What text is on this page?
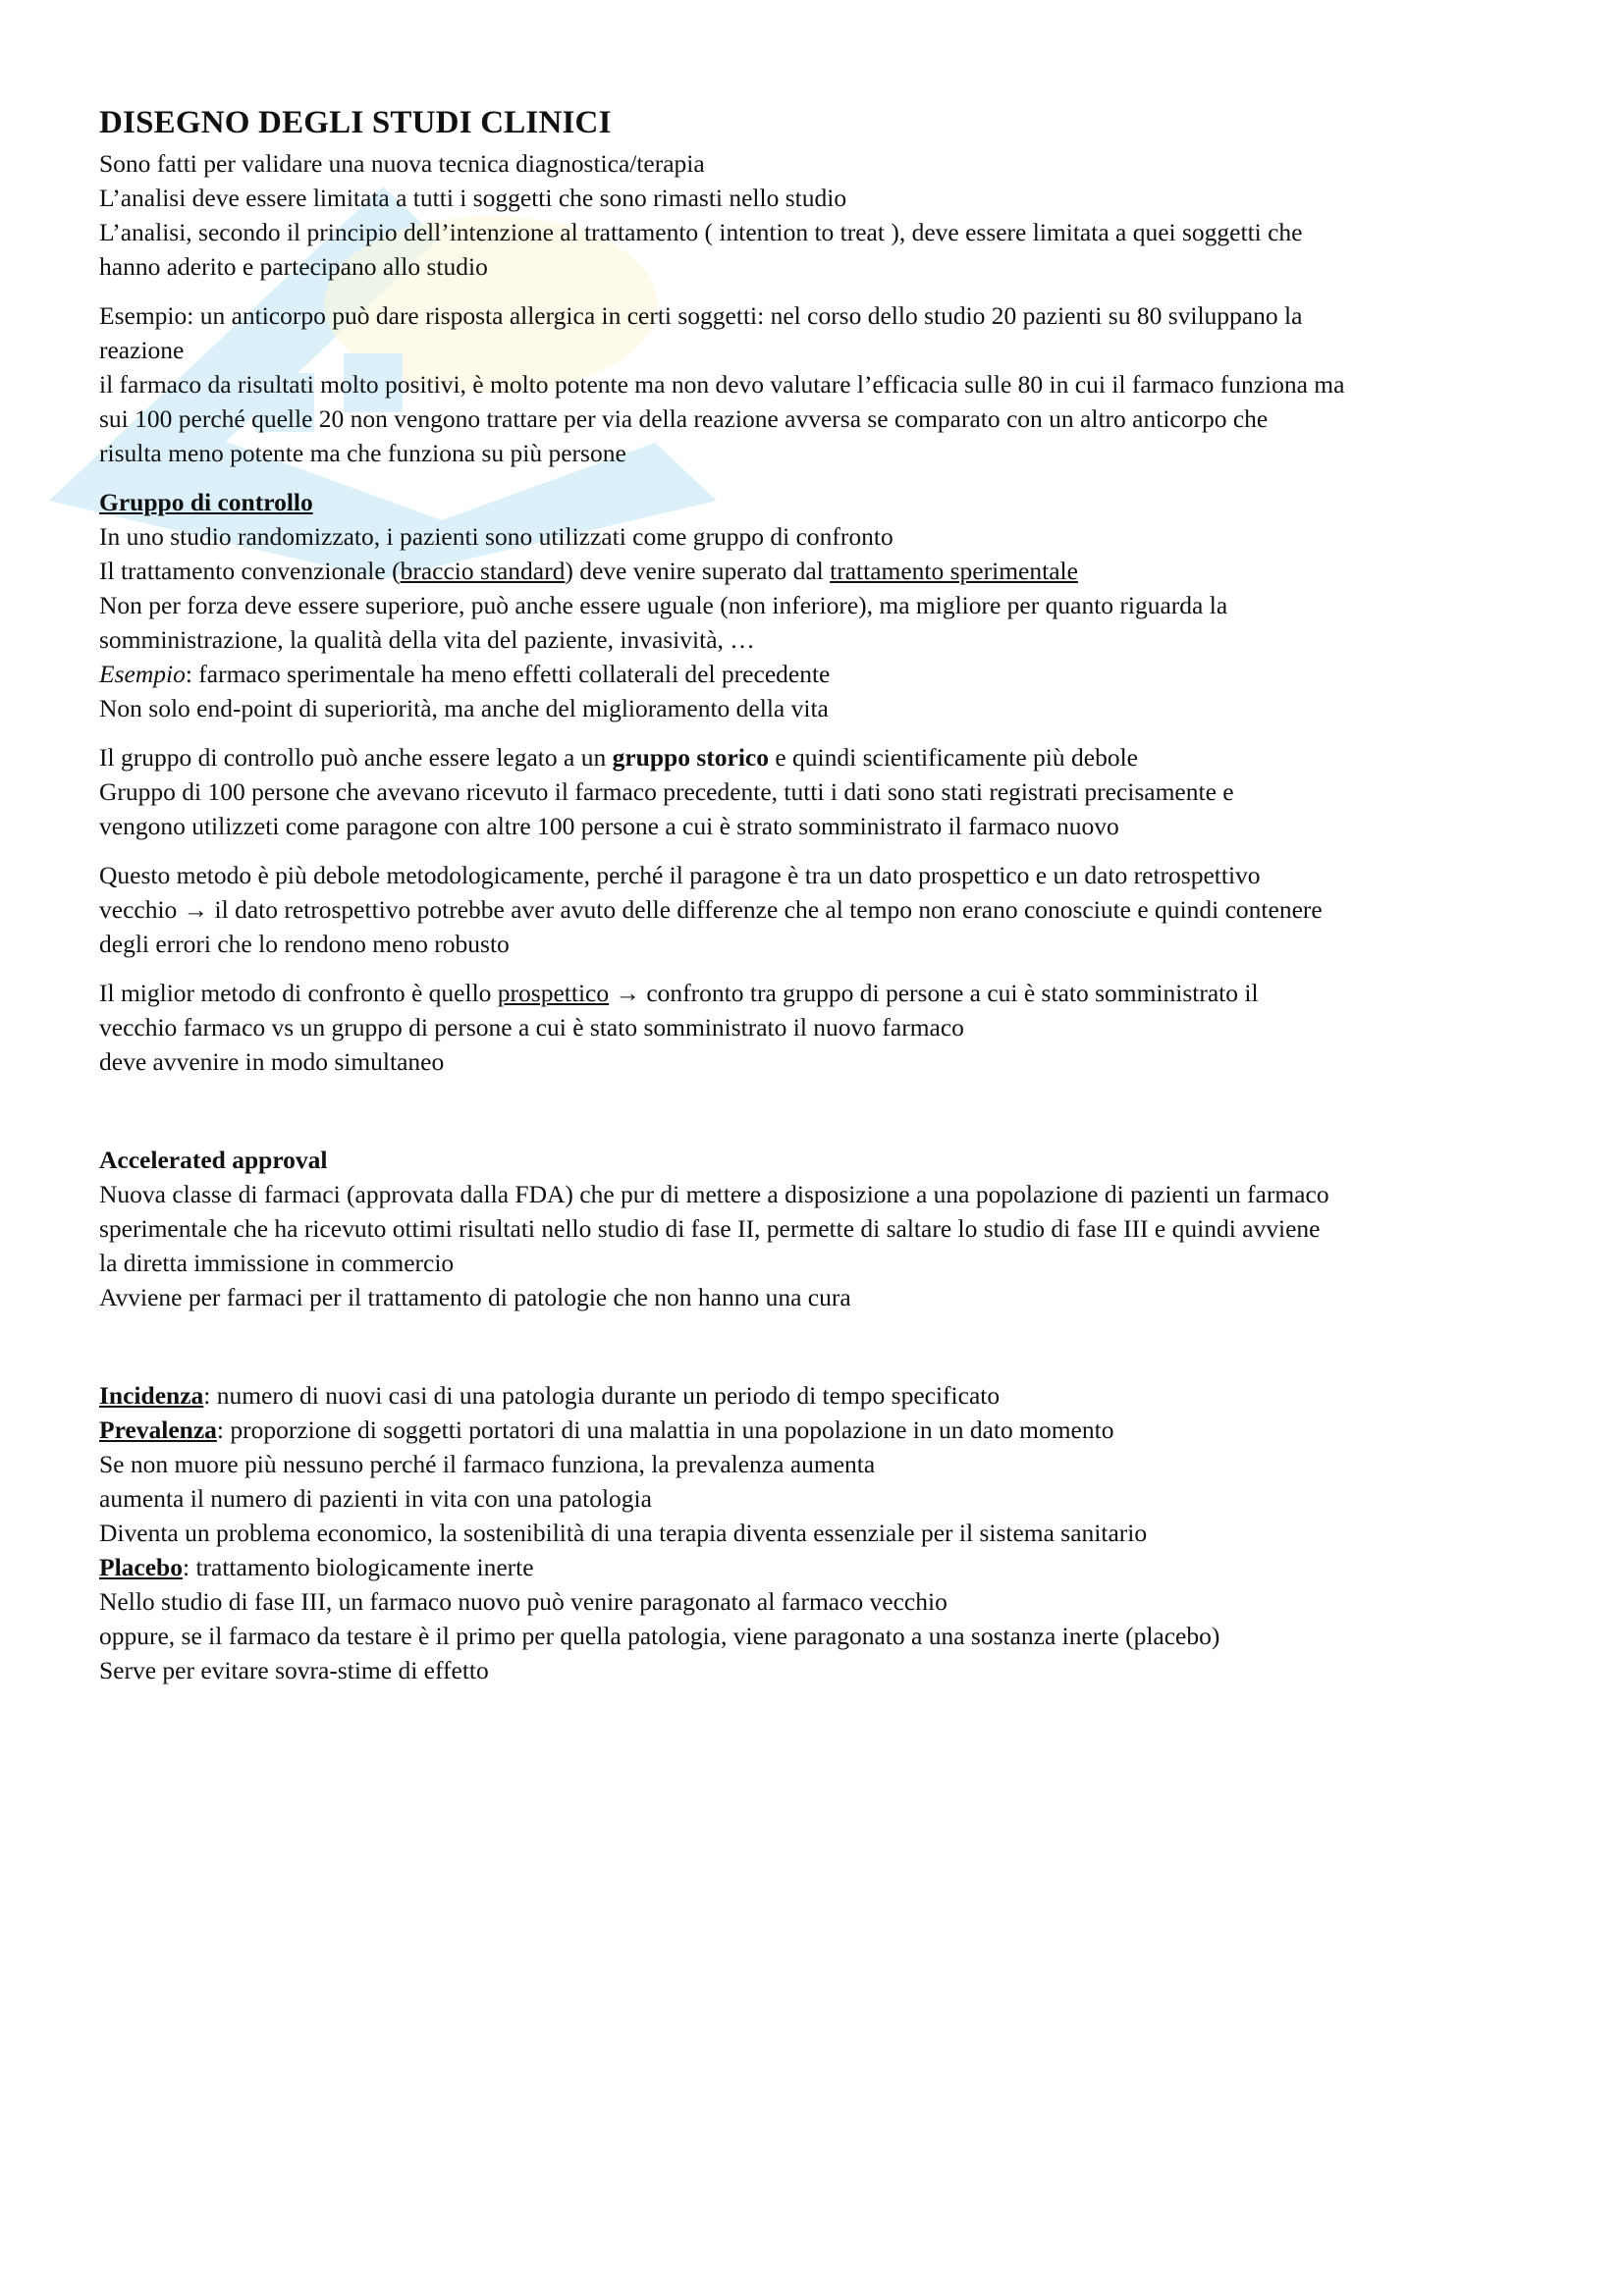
DISEGNO DEGLI STUDI CLINICI
Sono fatti per validare una nuova tecnica diagnostica/terapia
L’analisi deve essere limitata a tutti i soggetti che sono rimasti nello studio
L’analisi, secondo il principio dell’intenzione al trattamento ( intention to treat ), deve essere limitata a quei soggetti che
hanno aderito e partecipano allo studio
Esempio: un anticorpo può dare risposta allergica in certi soggetti: nel corso dello studio 20 pazienti su 80 sviluppano la
reazione
il farmaco da risultati molto positivi, è molto potente ma non devo valutare l’efficacia sulle 80 in cui il farmaco funziona ma
sui 100 perché quelle 20 non vengono trattare per via della reazione avversa se comparato con un altro anticorpo che
risulta meno potente ma che funziona su più persone
Gruppo di controllo
In uno studio randomizzato, i pazienti sono utilizzati come gruppo di confronto
Il trattamento convenzionale (braccio standard) deve venire superato dal trattamento sperimentale
Non per forza deve essere superiore, può anche essere uguale (non inferiore), ma migliore per quanto riguarda la
somministrazione, la qualità della vita del paziente, invasività, …
Esempio: farmaco sperimentale ha meno effetti collaterali del precedente
Non solo end-point di superiorità, ma anche del miglioramento della vita
Il gruppo di controllo può anche essere legato a un gruppo storico e quindi scientificamente più debole
Gruppo di 100 persone che avevano ricevuto il farmaco precedente, tutti i dati sono stati registrati precisamente e
vengono utilizzeti come paragone con altre 100 persone a cui è strato somministrato il farmaco nuovo
Questo metodo è più debole metodologicamente, perché il paragone è tra un dato prospettico e un dato retrospettivo
vecchio → il dato retrospettivo potrebbe aver avuto delle differenze che al tempo non erano conosciute e quindi contenere
degli errori che lo rendono meno robusto
Il miglior metodo di confronto è quello prospettico → confronto tra gruppo di persone a cui è stato somministrato il
vecchio farmaco vs un gruppo di persone a cui è stato somministrato il nuovo farmaco
deve avvenire in modo simultaneo
Accelerated approval
Nuova classe di farmaci (approvata dalla FDA) che pur di mettere a disposizione a una popolazione di pazienti un farmaco
sperimentale che ha ricevuto ottimi risultati nello studio di fase II, permette di saltare lo studio di fase III e quindi avviene
la diretta immissione in commercio
Avviene per farmaci per il trattamento di patologie che non hanno una cura
Incidenza: numero di nuovi casi di una patologia durante un periodo di tempo specificato
Prevalenza: proporzione di soggetti portatori di una malattia in una popolazione in un dato momento
Se non muore più nessuno perché il farmaco funziona, la prevalenza aumenta
aumenta il numero di pazienti in vita con una patologia
Diventa un problema economico, la sostenibilità di una terapia diventa essenziale per il sistema sanitario
Placebo: trattamento biologicamente inerte
Nello studio di fase III, un farmaco nuovo può venire paragonato al farmaco vecchio
oppure, se il farmaco da testare è il primo per quella patologia, viene paragonato a una sostanza inerte (placebo)
Serve per evitare sovra-stime di effetto
